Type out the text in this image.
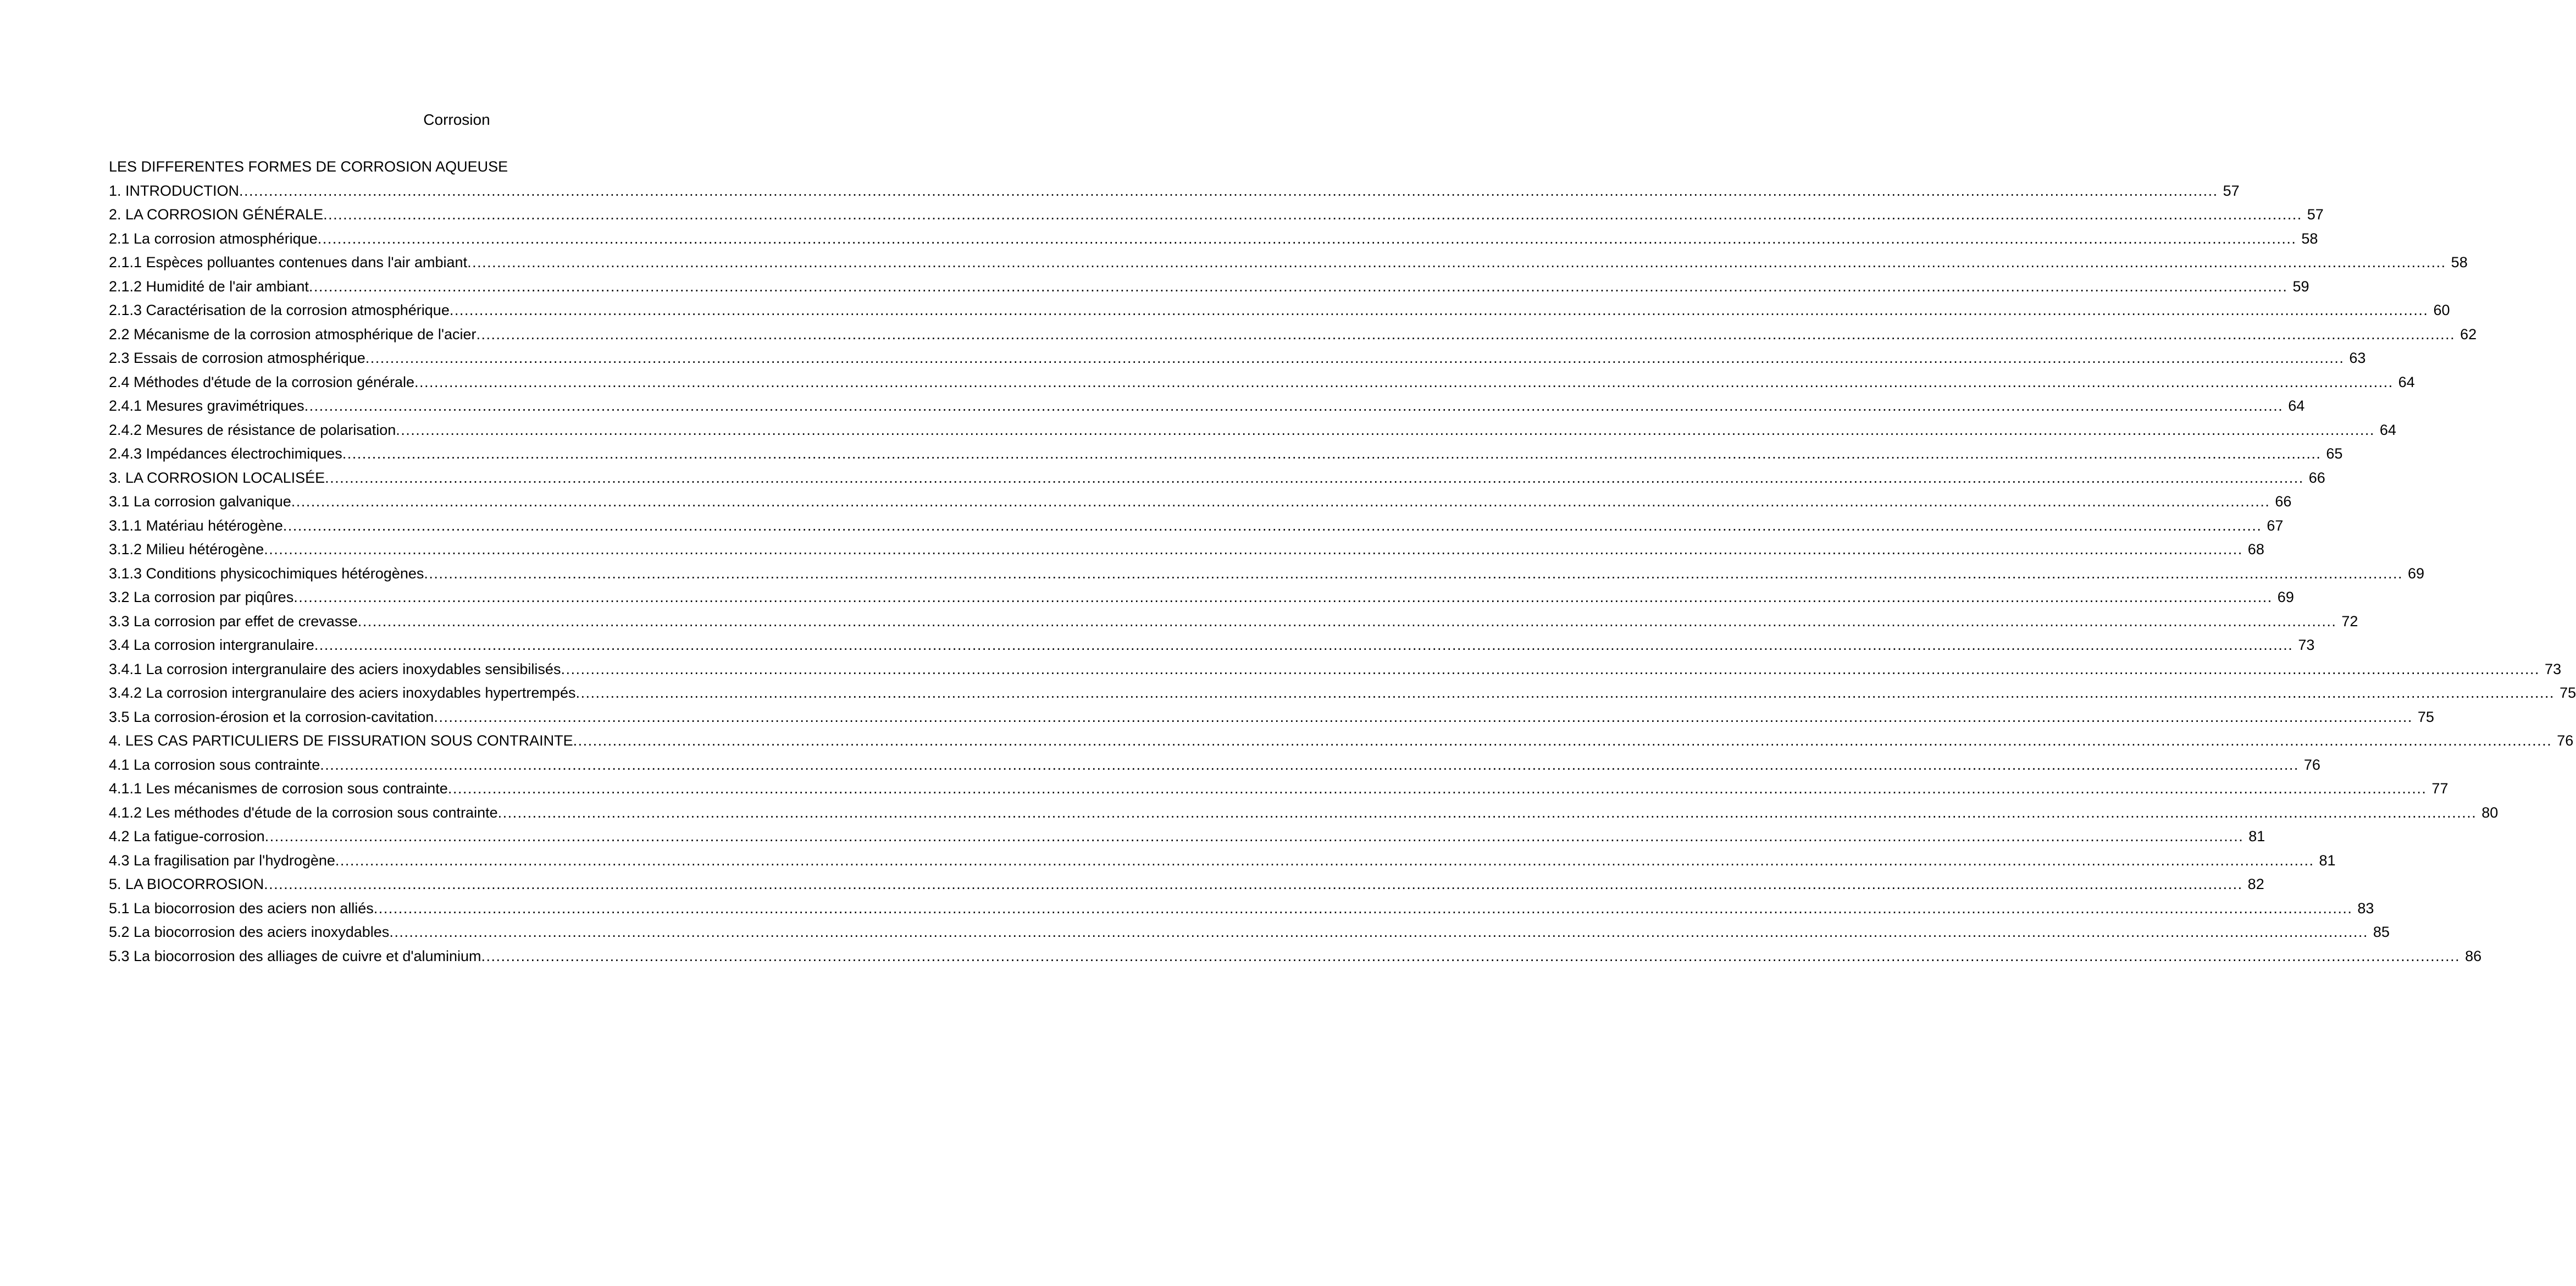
Corrosion
LES DIFFERENTES FORMES DE CORROSION AQUEUSE
1. INTRODUCTION ................................................................................................................................................................................................................................................................................................................................................................................................................ 57
2. LA CORROSION GÉNÉRALE ................................................................................................................................................................................................................................................................................................................................................................................................................ 57
2.1 La corrosion atmosphérique ................................................................................................................................................................................................................................................................................................................................................................................................................ 58
2.1.1 Espèces polluantes contenues dans l'air ambiant ................................................................................................................................................................................................................................................................................................................................................................................................................ 58
2.1.2 Humidité de l'air ambiant ................................................................................................................................................................................................................................................................................................................................................................................................................ 59
2.1.3 Caractérisation de la corrosion atmosphérique ................................................................................................................................................................................................................................................................................................................................................................................................................ 60
2.2 Mécanisme de la corrosion atmosphérique de l'acier ................................................................................................................................................................................................................................................................................................................................................................................................................ 62
2.3 Essais de corrosion atmosphérique ................................................................................................................................................................................................................................................................................................................................................................................................................ 63
2.4 Méthodes d'étude de la corrosion générale ................................................................................................................................................................................................................................................................................................................................................................................................................ 64
2.4.1 Mesures gravimétriques ................................................................................................................................................................................................................................................................................................................................................................................................................ 64
2.4.2 Mesures de résistance de polarisation ................................................................................................................................................................................................................................................................................................................................................................................................................ 64
2.4.3 Impédances électrochimiques ................................................................................................................................................................................................................................................................................................................................................................................................................ 65
3. LA CORROSION LOCALISÉE ................................................................................................................................................................................................................................................................................................................................................................................................................ 66
3.1 La corrosion galvanique ................................................................................................................................................................................................................................................................................................................................................................................................................ 66
3.1.1 Matériau hétérogène ................................................................................................................................................................................................................................................................................................................................................................................................................ 67
3.1.2 Milieu hétérogène ................................................................................................................................................................................................................................................................................................................................................................................................................ 68
3.1.3 Conditions physicochimiques hétérogènes ................................................................................................................................................................................................................................................................................................................................................................................................................ 69
3.2 La corrosion par piqûres ................................................................................................................................................................................................................................................................................................................................................................................................................ 69
3.3 La corrosion par effet de crevasse ................................................................................................................................................................................................................................................................................................................................................................................................................ 72
3.4 La corrosion intergranulaire ................................................................................................................................................................................................................................................................................................................................................................................................................ 73
3.4.1 La corrosion intergranulaire des aciers inoxydables sensibilisés ................................................................................................................................................................................................................................................................................................................................................................................................................ 73
3.4.2 La corrosion intergranulaire des aciers inoxydables hypertrempés ................................................................................................................................................................................................................................................................................................................................................................................................................ 75
3.5 La corrosion-érosion et la corrosion-cavitation ................................................................................................................................................................................................................................................................................................................................................................................................................ 75
4. LES CAS PARTICULIERS DE FISSURATION SOUS CONTRAINTE ................................................................................................................................................................................................................................................................................................................................................................................................................ 76
4.1 La corrosion sous contrainte ................................................................................................................................................................................................................................................................................................................................................................................................................ 76
4.1.1 Les mécanismes de corrosion sous contrainte ................................................................................................................................................................................................................................................................................................................................................................................................................ 77
4.1.2 Les méthodes d'étude de la corrosion sous contrainte ................................................................................................................................................................................................................................................................................................................................................................................................................ 80
4.2 La fatigue-corrosion ................................................................................................................................................................................................................................................................................................................................................................................................................ 81
4.3 La fragilisation par l'hydrogène ................................................................................................................................................................................................................................................................................................................................................................................................................ 81
5. LA BIOCORROSION ................................................................................................................................................................................................................................................................................................................................................................................................................ 82
5.1 La biocorrosion des aciers non alliés ................................................................................................................................................................................................................................................................................................................................................................................................................ 83
5.2 La biocorrosion des aciers inoxydables ................................................................................................................................................................................................................................................................................................................................................................................................................ 85
5.3 La biocorrosion des alliages de cuivre et d'aluminium ................................................................................................................................................................................................................................................................................................................................................................................................................ 86
